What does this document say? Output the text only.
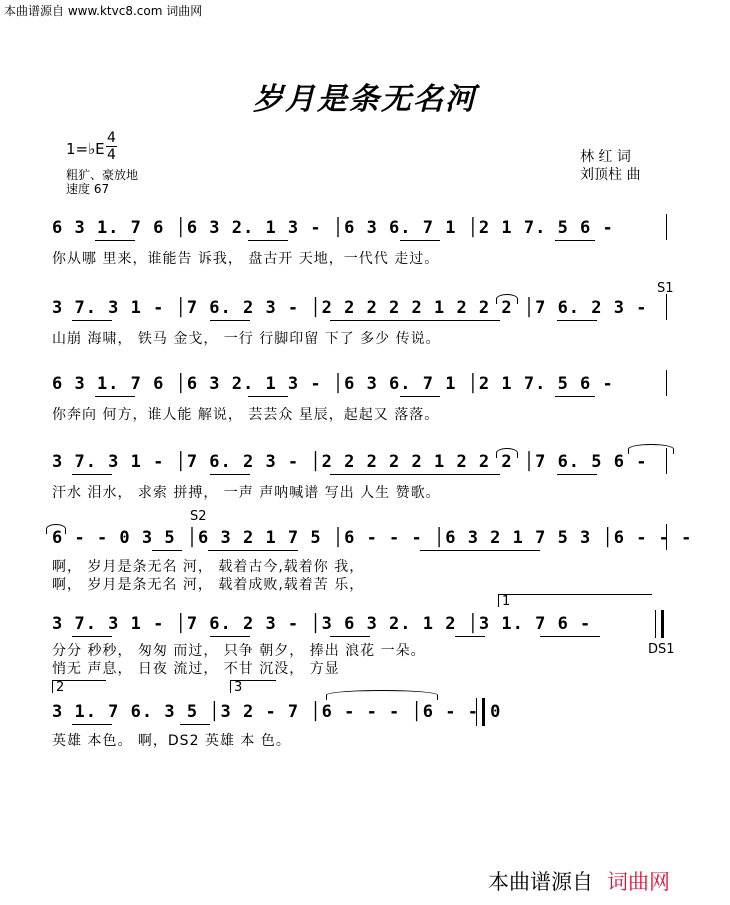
本曲谱源自 www.ktvc8.com 词曲网
岁月是条无名河
1=♭E
4
4
粗犷、豪放地
速度 67
林 红 词
刘顶柱 曲
6 3 1. 7 6 │6 3 2. 1 3 - │6 3 6. 7 1 │2 1 7. 5 6 -
你从哪 里来，谁能告 诉我， 盘古开 天地，一代代 走过。
S1
3 7. 3 1 - │7 6. 2 3 - │2 2 2 2 2 1 2 2 2 │7 6. 2 3 -
山崩 海啸， 铁马 金戈， 一行 行脚印留 下了 多少 传说。
6 3 1. 7 6 │6 3 2. 1 3 - │6 3 6. 7 1 │2 1 7. 5 6 -
你奔向 何方，谁人能 解说， 芸芸众 星辰，起起又 落落。
3 7. 3 1 - │7 6. 2 3 - │2 2 2 2 2 1 2 2 2 │7 6. 5 6 -
汗水 泪水， 求索 拼搏， 一声 声呐喊谱 写出 人生 赞歌。
S2
6 - - 0 3 5 │6 3 2 1 7 5 │6 - - - │6 3 2 1 7 5 3 │6 - - -
啊， 岁月是条无名 河， 载着古今,载着你 我，
啊， 岁月是条无名 河， 载着成败,载着苦 乐，
1
3 7. 3 1 - │7 6. 2 3 - │3 6 3 2. 1 2 │3 1. 7 6 -
分分 秒秒， 匆匆 而过， 只争 朝夕， 捧出 浪花 一朵。
悄无 声息， 日夜 流过， 不甘 沉没， 方显
DS1
2	3
3 1. 7 6. 3 5 │3 2 - 7 │6 - - - │6 - - 0
英雄 本色。 啊，DS2 英雄 本 色。
本曲谱源自 词曲网
